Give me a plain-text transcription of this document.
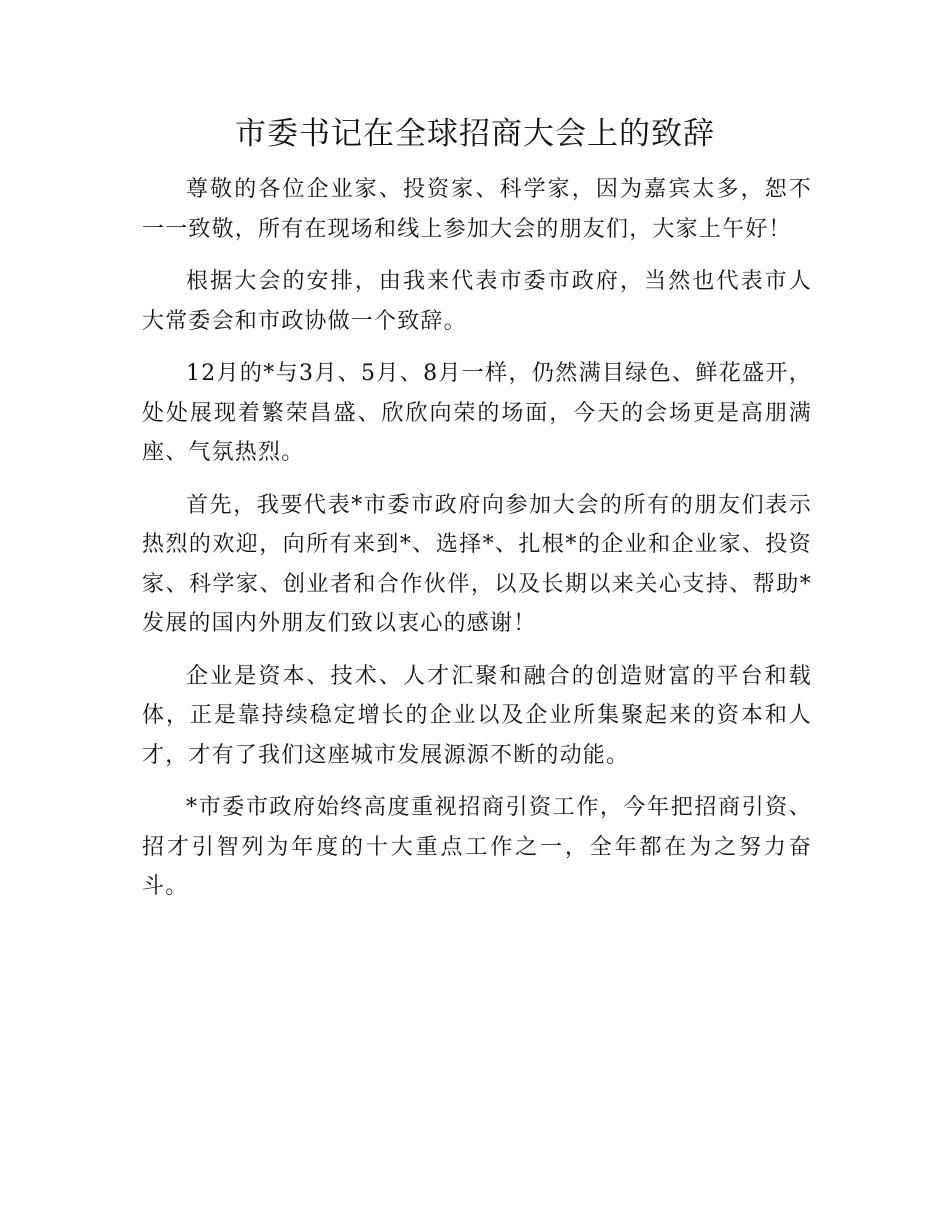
市委书记在全球招商大会上的致辞

尊敬的各位企业家、投资家、科学家，因为嘉宾太多，恕不一一致敬，所有在现场和线上参加大会的朋友们，大家上午好！

根据大会的安排，由我来代表市委市政府，当然也代表市人大常委会和市政协做一个致辞。

12月的*与3月、5月、8月一样，仍然满目绿色、鲜花盛开，处处展现着繁荣昌盛、欣欣向荣的场面，今天的会场更是高朋满座、气氛热烈。

首先，我要代表*市委市政府向参加大会的所有的朋友们表示热烈的欢迎，向所有来到*、选择*、扎根*的企业和企业家、投资家、科学家、创业者和合作伙伴，以及长期以来关心支持、帮助*发展的国内外朋友们致以衷心的感谢！

企业是资本、技术、人才汇聚和融合的创造财富的平台和载体，正是靠持续稳定增长的企业以及企业所集聚起来的资本和人才，才有了我们这座城市发展源源不断的动能。

*市委市政府始终高度重视招商引资工作，今年把招商引资、招才引智列为年度的十大重点工作之一，全年都在为之努力奋斗。
